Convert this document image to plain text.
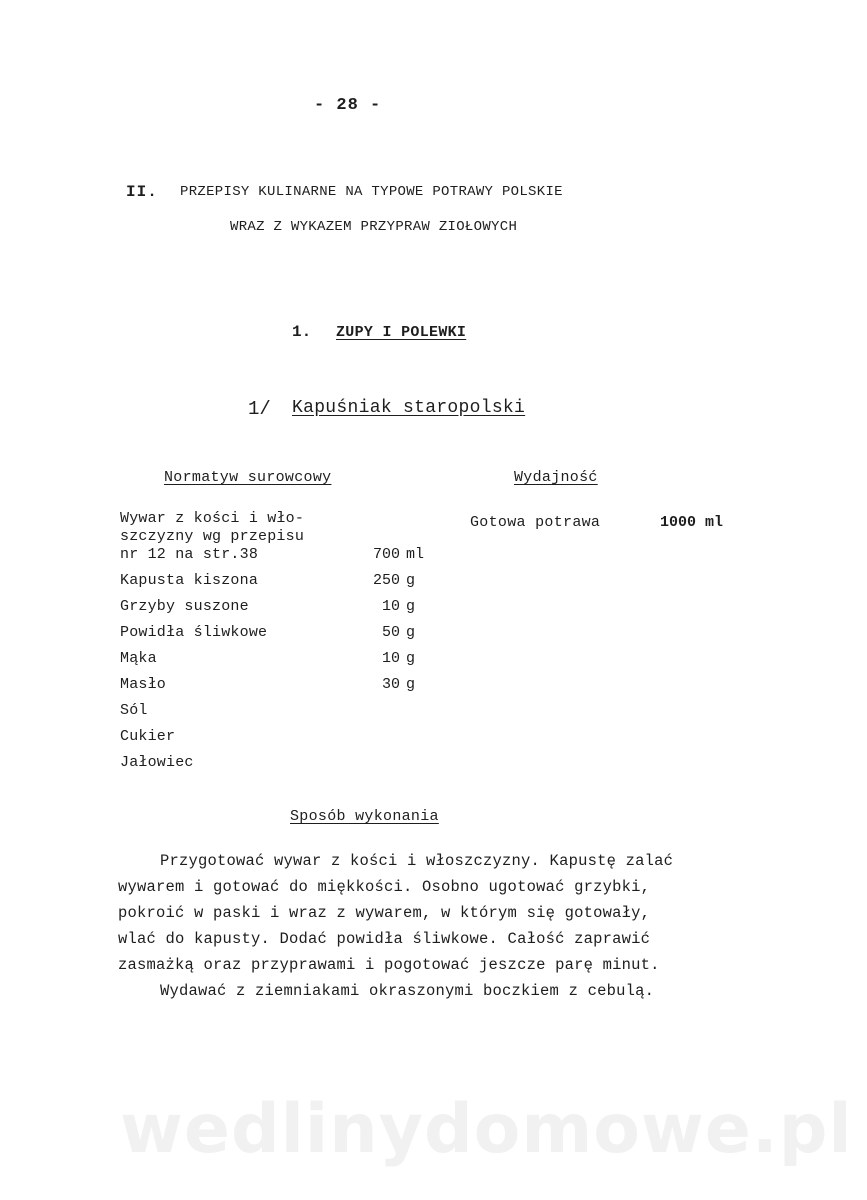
- 28 -
II. PRZEPISY KULINARNE NA TYPOWE POTRAWY POLSKIE
WRAZ Z WYKAZEM PRZYPRAW ZIOŁOWYCH
1. ZUPY I POLEWKI
1/ Kapuśniak staropolski
Normatyw surowcowy	Wydajność
Wywar z kości i wło-
szczyzny wg przepisu
nr 12 na str.38	700 ml
Kapusta kiszona	250 g
Grzyby suszone	10 g
Powidła śliwkowe	50 g
Mąka	10 g
Masło	30 g
Sól
Cukier
Jałowiec
Gotowa potrawa	1000 ml
Sposób wykonania
Przygotować wywar z kości i włoszczyzny. Kapustę zalać
wywarem i gotować do miękkości. Osobno ugotować grzybki,
pokroić w paski i wraz z wywarem, w którym się gotowały,
wlać do kapusty. Dodać powidła śliwkowe. Całość zaprawić
zasmażką oraz przyprawami i pogotować jeszcze parę minut.
Wydawać z ziemniakami okraszonymi boczkiem z cebulą.
wedlinydomowe.pl
